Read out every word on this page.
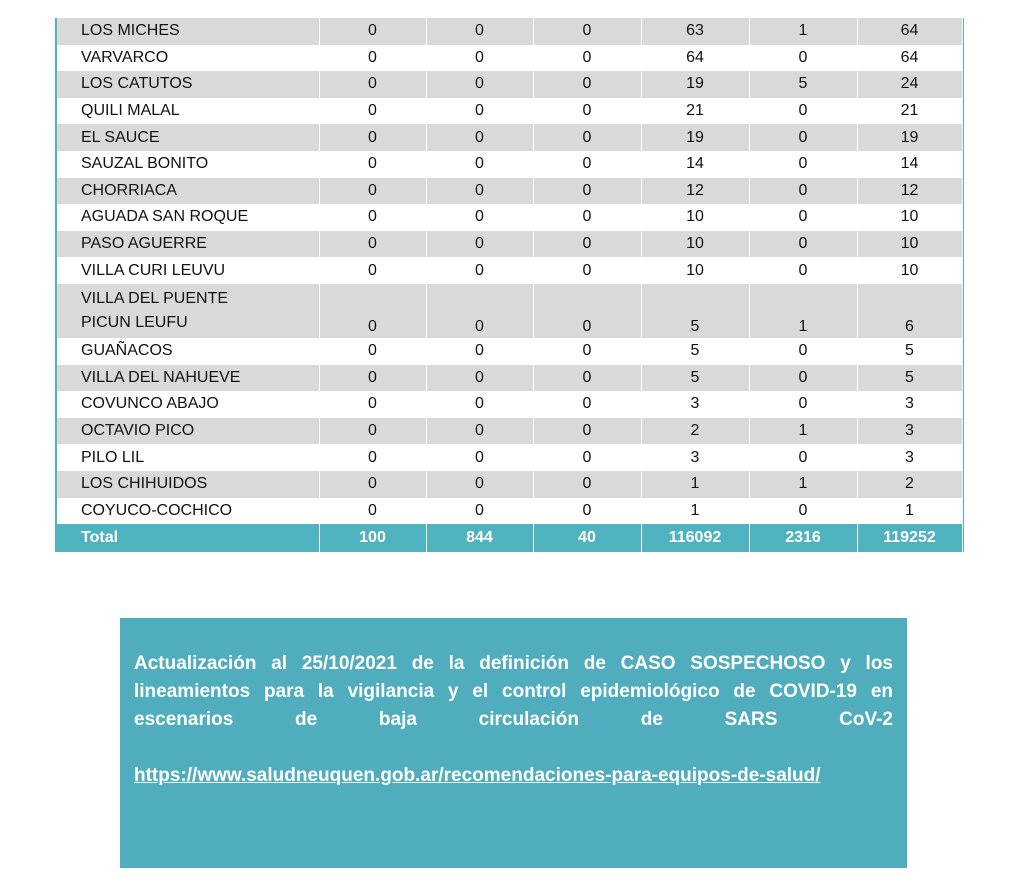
LOS MICHES	0	0	0	63	1	64
VARVARCO	0	0	0	64	0	64
LOS CATUTOS	0	0	0	19	5	24
QUILI MALAL	0	0	0	21	0	21
EL SAUCE	0	0	0	19	0	19
SAUZAL BONITO	0	0	0	14	0	14
CHORRIACA	0	0	0	12	0	12
AGUADA SAN ROQUE	0	0	0	10	0	10
PASO AGUERRE	0	0	0	10	0	10
VILLA CURI LEUVU	0	0	0	10	0	10
VILLA DEL PUENTE
PICUN LEUFU	0	0	0	5	1	6
GUAÑACOS	0	0	0	5	0	5
VILLA DEL NAHUEVE	0	0	0	5	0	5
COVUNCO ABAJO	0	0	0	3	0	3
OCTAVIO PICO	0	0	0	2	1	3
PILO LIL	0	0	0	3	0	3
LOS CHIHUIDOS	0	0	0	1	1	2
COYUCO-COCHICO	0	0	0	1	0	1
Total	100	844	40	116092	2316	119252

Actualización al 25/10/2021 de la definición de CASO SOSPECHOSO y los lineamientos para la vigilancia y el control epidemiológico de COVID-19 en escenarios de baja circulación de SARS CoV-2

https://www.saludneuquen.gob.ar/recomendaciones-para-equipos-de-salud/
